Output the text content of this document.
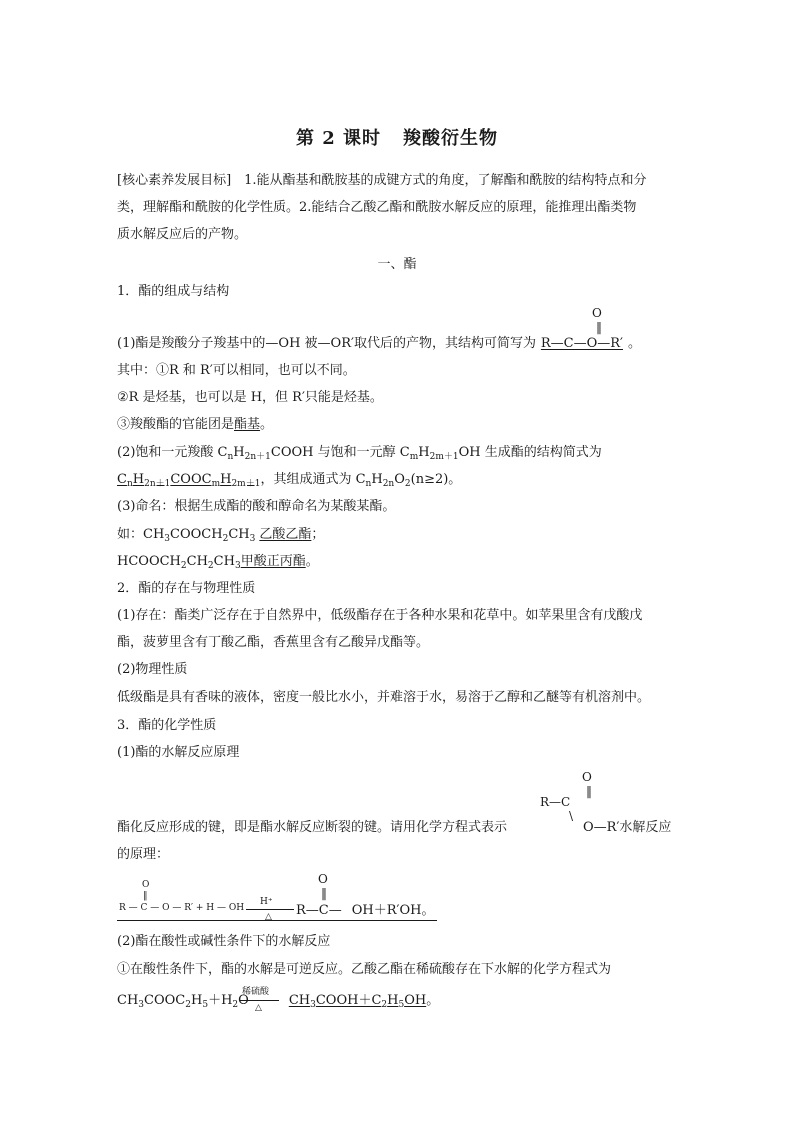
第 2 课时 羧酸衍生物
[核心素养发展目标]　1.能从酯基和酰胺基的成键方式的角度，了解酯和酰胺的结构特点和分
类，理解酯和酰胺的化学性质。2.能结合乙酸乙酯和酰胺水解反应的原理，能推理出酯类物
质水解反应后的产物。
一、酯
1．酯的组成与结构
(1)酯是羧酸分子羧基中的—OH 被—OR′取代后的产物，其结构可简写为 R—C—O—R′ 。
O
‖
其中：①R 和 R′可以相同，也可以不同。
②R 是烃基，也可以是 H，但 R′只能是烃基。
③羧酸酯的官能团是酯基。
(2)饱和一元羧酸 $C_nH_{2n+1}COOH$ 与饱和一元醇 $C_mH_{2m+1}OH$ 生成酯的结构简式为
$C_nH_{2n+1}COOC_mH_{2m+1}$，其组成通式为 $C_nH_{2n}O_2(n\ge 2)$。
(3)命名：根据生成酯的酸和醇命名为某酸某酯。
如：$CH_3COOCH_2CH_3$ 乙酸乙酯；
$HCOOCH_2CH_2CH_3$甲酸正丙酯。
2．酯的存在与物理性质
(1)存在：酯类广泛存在于自然界中，低级酯存在于各种水果和花草中。如苹果里含有戊酸戊
酯，菠萝里含有丁酸乙酯，香蕉里含有乙酸异戊酯等。
(2)物理性质
低级酯是具有香味的液体，密度一般比水小，并难溶于水，易溶于乙醇和乙醚等有机溶剂中。
3．酯的化学性质
(1)酯的水解反应原理
O
‖
R—C
\
酯化反应形成的键，即是酯水解反应断裂的键。请用化学方程式表示	O—R′水解反应
的原理：
O
‖
R — C — O — R′ + H — OH
H⁺
△
O
‖
R—C— OH＋R′OH。
(2)酯在酸性或碱性条件下的水解反应
①在酸性条件下，酯的水解是可逆反应。乙酸乙酯在稀硫酸存在下水解的化学方程式为
$CH_3COOC_2H_5+H_2O$	$CH_3COOH+C_2H_5OH$。
稀硫酸
△
